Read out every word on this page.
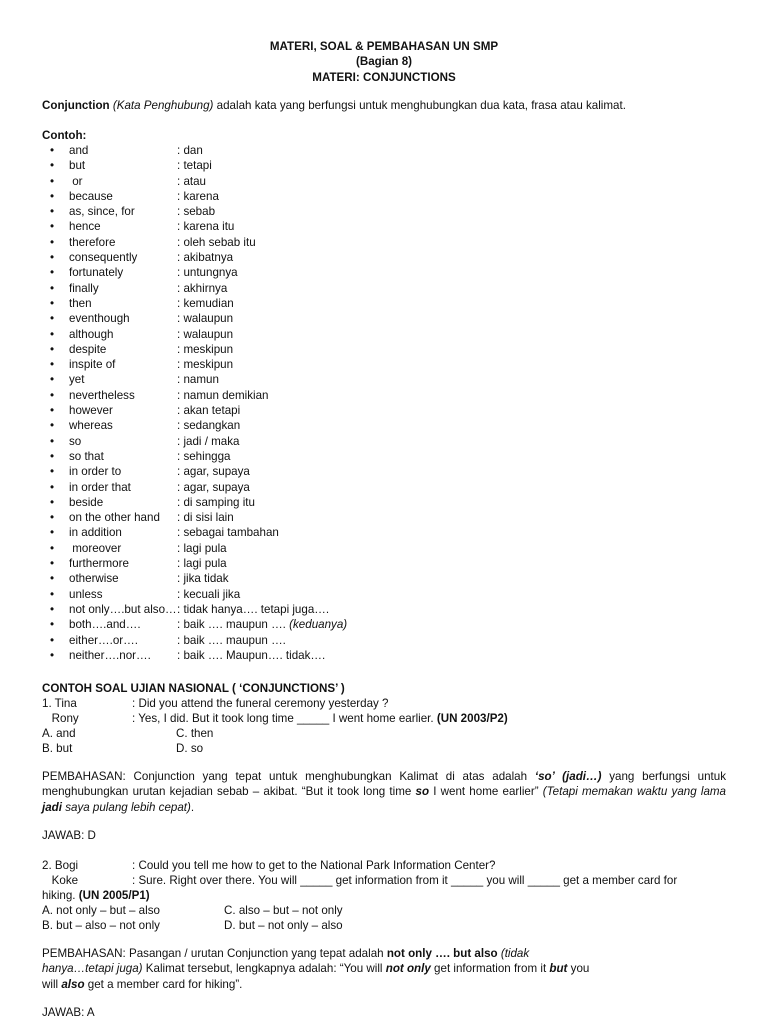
MATERI, SOAL & PEMBAHASAN UN SMP
(Bagian 8)
MATERI: CONJUNCTIONS
Conjunction (Kata Penghubung) adalah kata yang berfungsi untuk menghubungkan dua kata, frasa atau kalimat.
Contoh:
• and	: dan
• but	: tetapi
• or	: atau
• because	: karena
• as, since, for	: sebab
• hence	: karena itu
• therefore	: oleh sebab itu
• consequently	: akibatnya
• fortunately	: untungnya
• finally	: akhirnya
• then	: kemudian
• eventhough	: walaupun
• although	: walaupun
• despite	: meskipun
• inspite of	: meskipun
• yet	: namun
• nevertheless	: namun demikian
• however	: akan tetapi
• whereas	: sedangkan
• so	: jadi / maka
• so that	: sehingga
• in order to	: agar, supaya
• in order that	: agar, supaya
• beside	: di samping itu
• on the other hand : di sisi lain
• in addition	: sebagai tambahan
• moreover	: lagi pula
• furthermore	: lagi pula
• otherwise	: jika tidak
• unless	: kecuali jika
• not only….but also… : tidak hanya…. tetapi juga….
• both….and….	: baik …. maupun …. (keduanya)
• either….or….	: baik …. maupun ….
• neither….nor…. : baik …. Maupun…. tidak….
CONTOH SOAL UJIAN NASIONAL ( ‘CONJUNCTIONS’ )
1. Tina	: Did you attend the funeral ceremony yesterday ?
Rony	: Yes, I did. But it took long time _____ I went home earlier. (UN 2003/P2)
A. and	C. then
B. but	D. so
PEMBAHASAN: Conjunction yang tepat untuk menghubungkan Kalimat di atas adalah ‘so’ (jadi…) yang berfungsi untuk menghubungkan urutan kejadian sebab – akibat. “But it took long time so I went home earlier” (Tetapi memakan waktu yang lama jadi saya pulang lebih cepat).
JAWAB: D
2. Bogi	: Could you tell me how to get to the National Park Information Center?
Koke	: Sure. Right over there. You will _____ get information from it _____ you will _____ get a member card for
hiking. (UN 2005/P1)
A. not only – but – also	C. also – but – not only
B. but – also – not only	D. but – not only – also
PEMBAHASAN: Pasangan / urutan Conjunction yang tepat adalah not only …. but also (tidak
hanya…tetapi juga) Kalimat tersebut, lengkapnya adalah: “You will not only get information from it but you
will also get a member card for hiking”.
JAWAB: A
